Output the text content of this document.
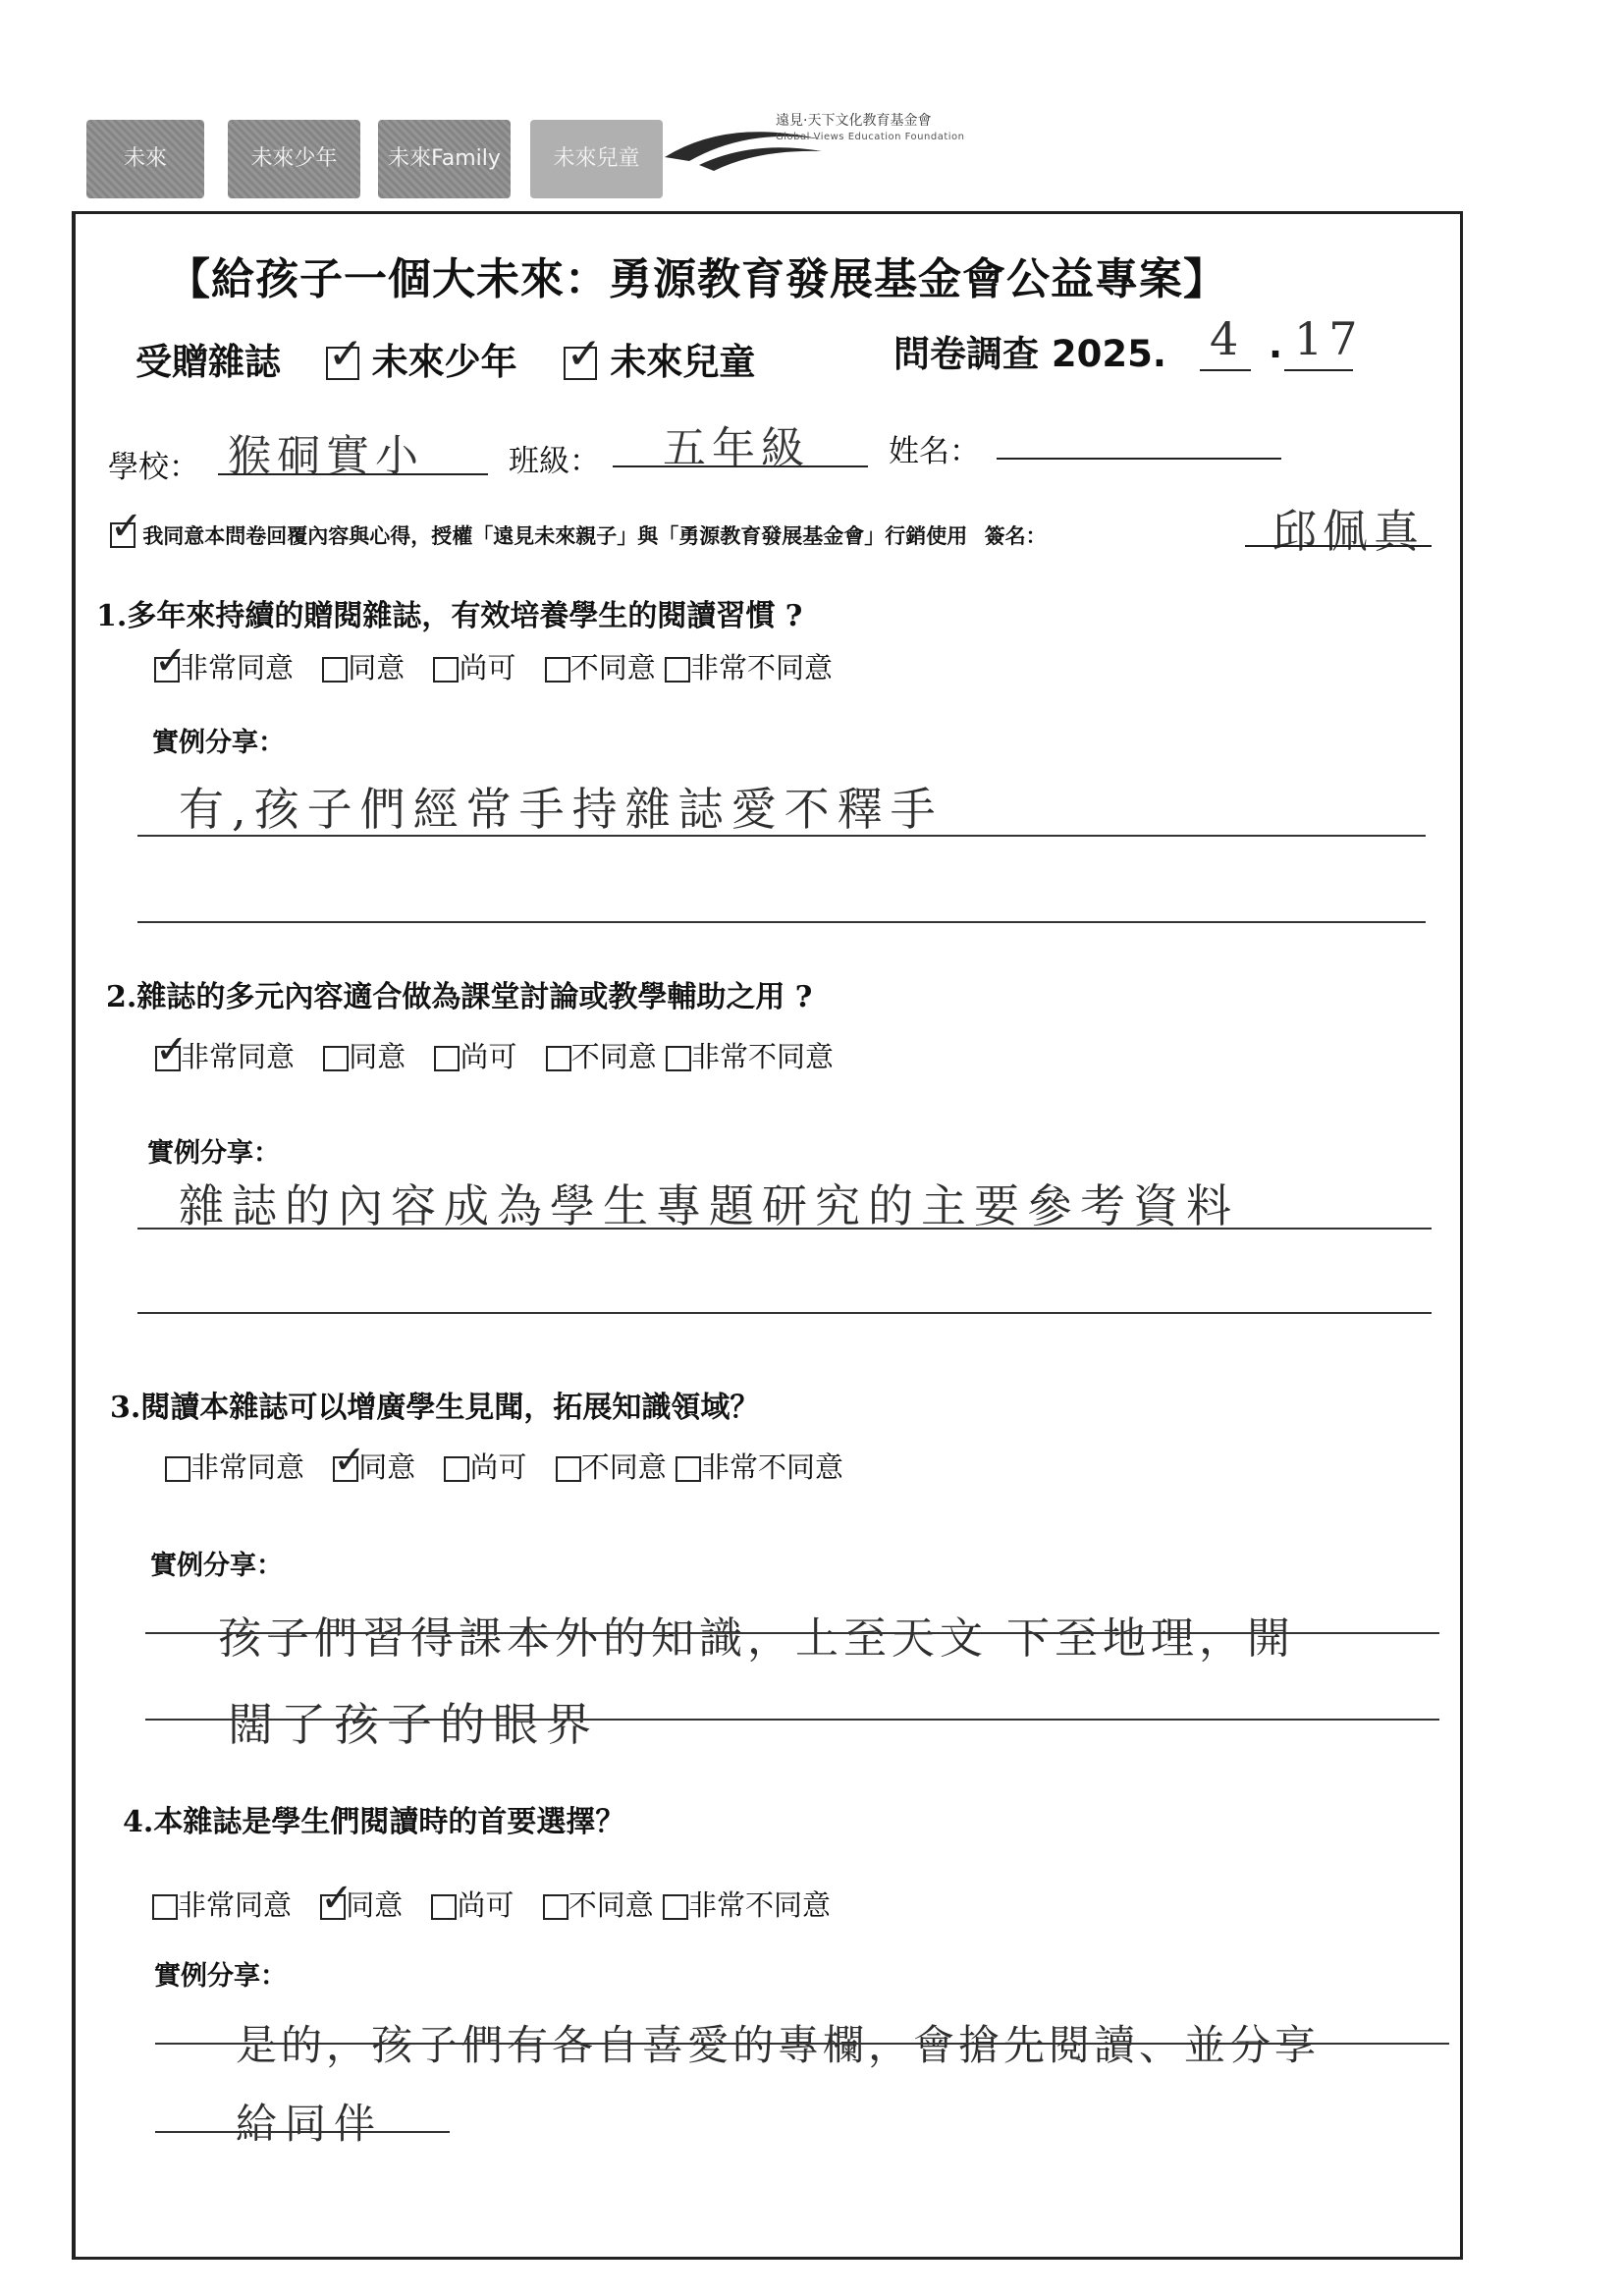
未來	未來少年 未來Family 未來兒童
遠見·天下文化教育基金會
Global Views Education Foundation
【給孩子一個大未來：勇源教育發展基金會公益專案】
受贈雜誌 ✓ 未來少年 ✓ 未來兒童	問卷調查 2025. 4 . 17
學校： 猴硐實小	班級： 五年級	姓名：
✓ 我同意本問卷回覆內容與心得，授權「遠見未來親子」與「勇源教育發展基金會」行銷使用 簽名：	邱佩真
1.多年來持續的贈閱雜誌，有效培養學生的閱讀習慣 ?
✓
非常同意 同意 尚可 不同意 非常不同意
實例分享：
有,孩子們經常手持雜誌愛不釋手
2.雜誌的多元內容適合做為課堂討論或教學輔助之用 ?
✓
非常同意 同意 尚可 不同意 非常不同意
實例分享：
雜誌的內容成為學生專題研究的主要參考資料
3.閱讀本雜誌可以增廣學生見聞，拓展知識領域？
非常同意 ✓
同意 尚可 不同意 非常不同意
實例分享：
孩子們習得課本外的知識，上至天文 下至地理，開
闊了孩子的眼界
4.本雜誌是學生們閱讀時的首要選擇？
非常同意 ✓
同意 尚可 不同意 非常不同意
實例分享：
是的，孩子們有各自喜愛的專欄，會搶先閱讀、並分享
給同伴
